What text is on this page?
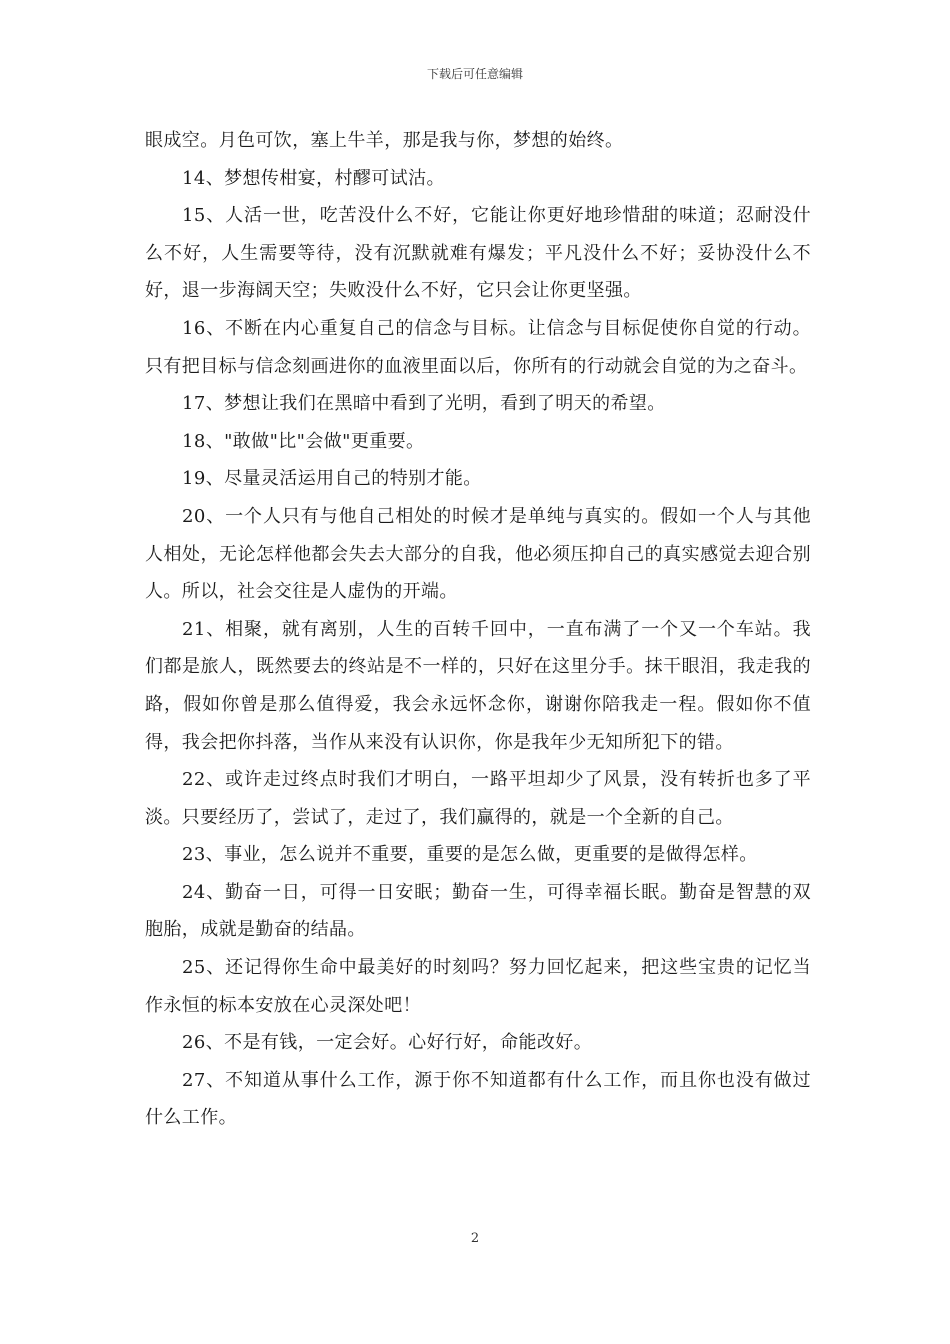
下载后可任意编辑

眼成空。月色可饮，塞上牛羊，那是我与你，梦想的始终。

14、梦想传柑宴，村醪可试沽。

15、人活一世，吃苦没什么不好，它能让你更好地珍惜甜的味道；忍耐没什么不好，人生需要等待，没有沉默就难有爆发；平凡没什么不好；妥协没什么不好，退一步海阔天空；失败没什么不好，它只会让你更坚强。

16、不断在内心重复自己的信念与目标。让信念与目标促使你自觉的行动。只有把目标与信念刻画进你的血液里面以后，你所有的行动就会自觉的为之奋斗。

17、梦想让我们在黑暗中看到了光明，看到了明天的希望。

18、"敢做"比"会做"更重要。

19、尽量灵活运用自己的特别才能。

20、一个人只有与他自己相处的时候才是单纯与真实的。假如一个人与其他人相处，无论怎样他都会失去大部分的自我，他必须压抑自己的真实感觉去迎合别人。所以，社会交往是人虚伪的开端。

21、相聚，就有离别，人生的百转千回中，一直布满了一个又一个车站。我们都是旅人，既然要去的终站是不一样的，只好在这里分手。抹干眼泪，我走我的路，假如你曾是那么值得爱，我会永远怀念你，谢谢你陪我走一程。假如你不值得，我会把你抖落，当作从来没有认识你，你是我年少无知所犯下的错。

22、或许走过终点时我们才明白，一路平坦却少了风景，没有转折也多了平淡。只要经历了，尝试了，走过了，我们赢得的，就是一个全新的自己。

23、事业，怎么说并不重要，重要的是怎么做，更重要的是做得怎样。

24、勤奋一日，可得一日安眠；勤奋一生，可得幸福长眠。勤奋是智慧的双胞胎，成就是勤奋的结晶。

25、还记得你生命中最美好的时刻吗？努力回忆起来，把这些宝贵的记忆当作永恒的标本安放在心灵深处吧！

26、不是有钱，一定会好。心好行好，命能改好。

27、不知道从事什么工作，源于你不知道都有什么工作，而且你也没有做过什么工作。

2
